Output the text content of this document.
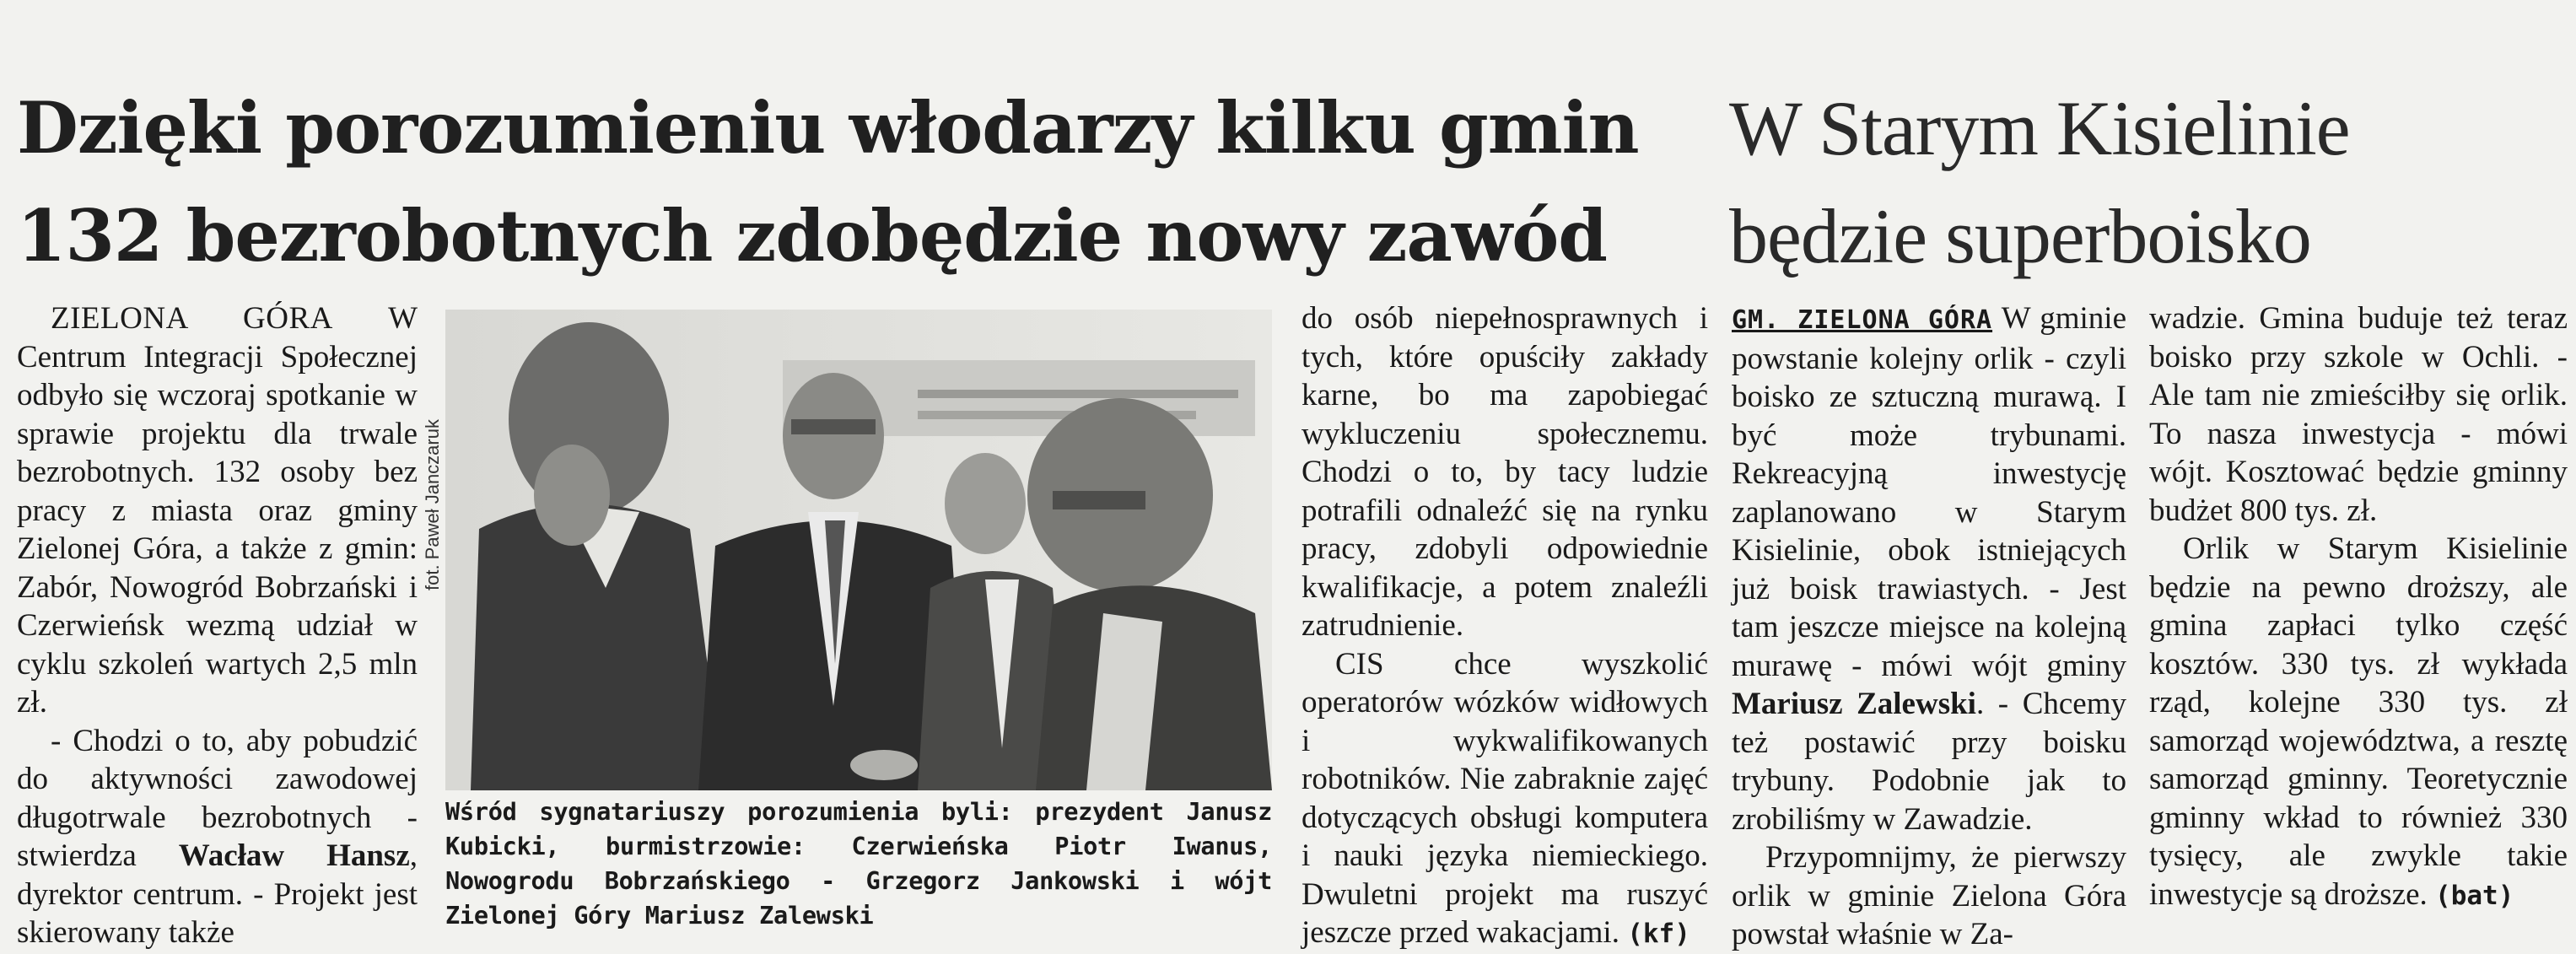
Dzięki porozumieniu włodarzy kilku gmin
132 bezrobotnych zdobędzie nowy zawód
W Starym Kisielinie
będzie superboisko

ZIELONA GÓRA W Centrum Integracji Społecznej odbyło się wczoraj spotkanie w sprawie projektu dla trwale bezrobotnych. 132 osoby bez pracy z miasta oraz gminy Zielonej Góra, a także z gmin: Zabór, Nowogród Bobrzański i Czerwieńsk wezmą udział w cyklu szkoleń wartych 2,5 mln zł.

- Chodzi o to, aby pobudzić do aktywności zawodowej długotrwale bezrobotnych - stwierdza Wacław Hansz, dyrektor centrum. - Projekt jest skierowany także

fot. Paweł Janczaruk
Wśród sygnatariuszy porozumienia byli: prezydent Janusz Kubicki, burmistrzowie: Czerwieńska Piotr Iwanus, Nowogrodu Bobrzańskiego - Grzegorz Jankowski i wójt Zielonej Góry Mariusz Zalewski

do osób niepełnosprawnych i tych, które opuściły zakłady karne, bo ma zapobiegać wykluczeniu społecznemu. Chodzi o to, by tacy ludzie potrafili odnaleźć się na rynku pracy, zdobyli odpowiednie kwalifikacje, a potem znaleźli zatrudnienie.

CIS chce wyszkolić operatorów wózków widłowych i wykwalifikowanych robotników. Nie zabraknie zajęć dotyczących obsługi komputera i nauki języka niemieckiego. Dwuletni projekt ma ruszyć jeszcze przed wakacjami. (kf)

GM. ZIELONA GÓRA W gminie powstanie kolejny orlik - czyli boisko ze sztuczną murawą. I być może trybunami. Rekreacyjną inwestycję zaplanowano w Starym Kisielinie, obok istniejących już boisk trawiastych. - Jest tam jeszcze miejsce na kolejną murawę - mówi wójt gminy Mariusz Zalewski. - Chcemy też postawić przy boisku trybuny. Podobnie jak to zrobiliśmy w Zawadzie.

Przypomnijmy, że pierwszy orlik w gminie Zielona Góra powstał właśnie w Za-

wadzie. Gmina buduje też teraz boisko przy szkole w Ochli. - Ale tam nie zmieściłby się orlik. To nasza inwestycja - mówi wójt. Kosztować będzie gminny budżet 800 tys. zł.

Orlik w Starym Kisielinie będzie na pewno droższy, ale gmina zapłaci tylko część kosztów. 330 tys. zł wykłada rząd, kolejne 330 tys. zł samorząd województwa, a resztę samorząd gminny. Teoretycznie gminny wkład to również 330 tysięcy, ale zwykle takie inwestycje są droższe. (bat)
